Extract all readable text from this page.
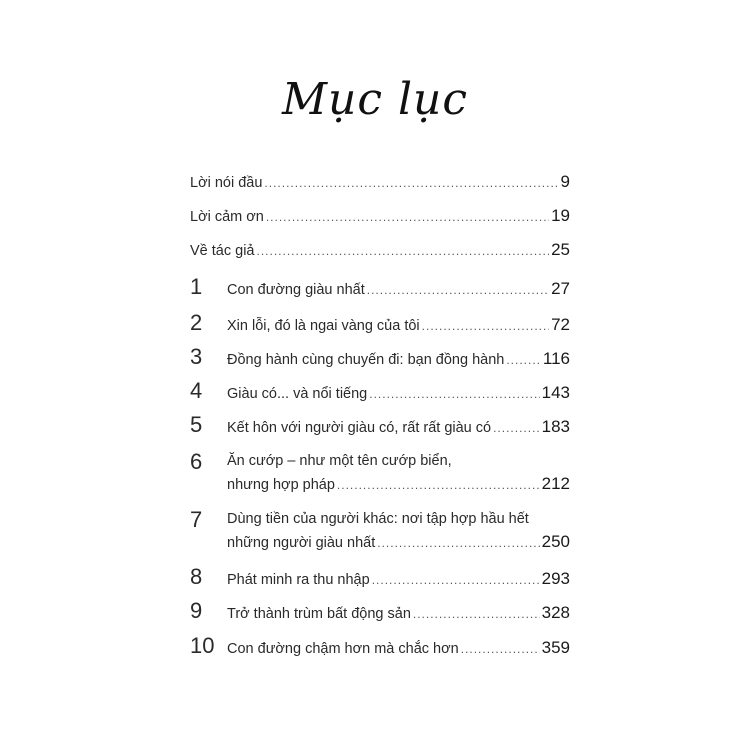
Mục lục
Lời nói đầu .....	9
Lời cảm ơn .....	19
Về tác giả .....	25
1	Con đường giàu nhất .....	27
2	Xin lỗi, đó là ngai vàng của tôi .....	72
3	Đồng hành cùng chuyến đi: bạn đồng hành ..... 116
4	Giàu có... và nổi tiếng .....	143
5	Kết hôn với người giàu có, rất rất giàu có .....	183
6 Ăn cướp – như một tên cướp biển,
nhưng hợp pháp .....	212
7 Dùng tiền của người khác: nơi tập hợp hầu hết
những người giàu nhất .....	250
8	Phát minh ra thu nhập .....	293
9	Trở thành trùm bất động sản .....	328
10 Con đường chậm hơn mà chắc hơn .....	359
